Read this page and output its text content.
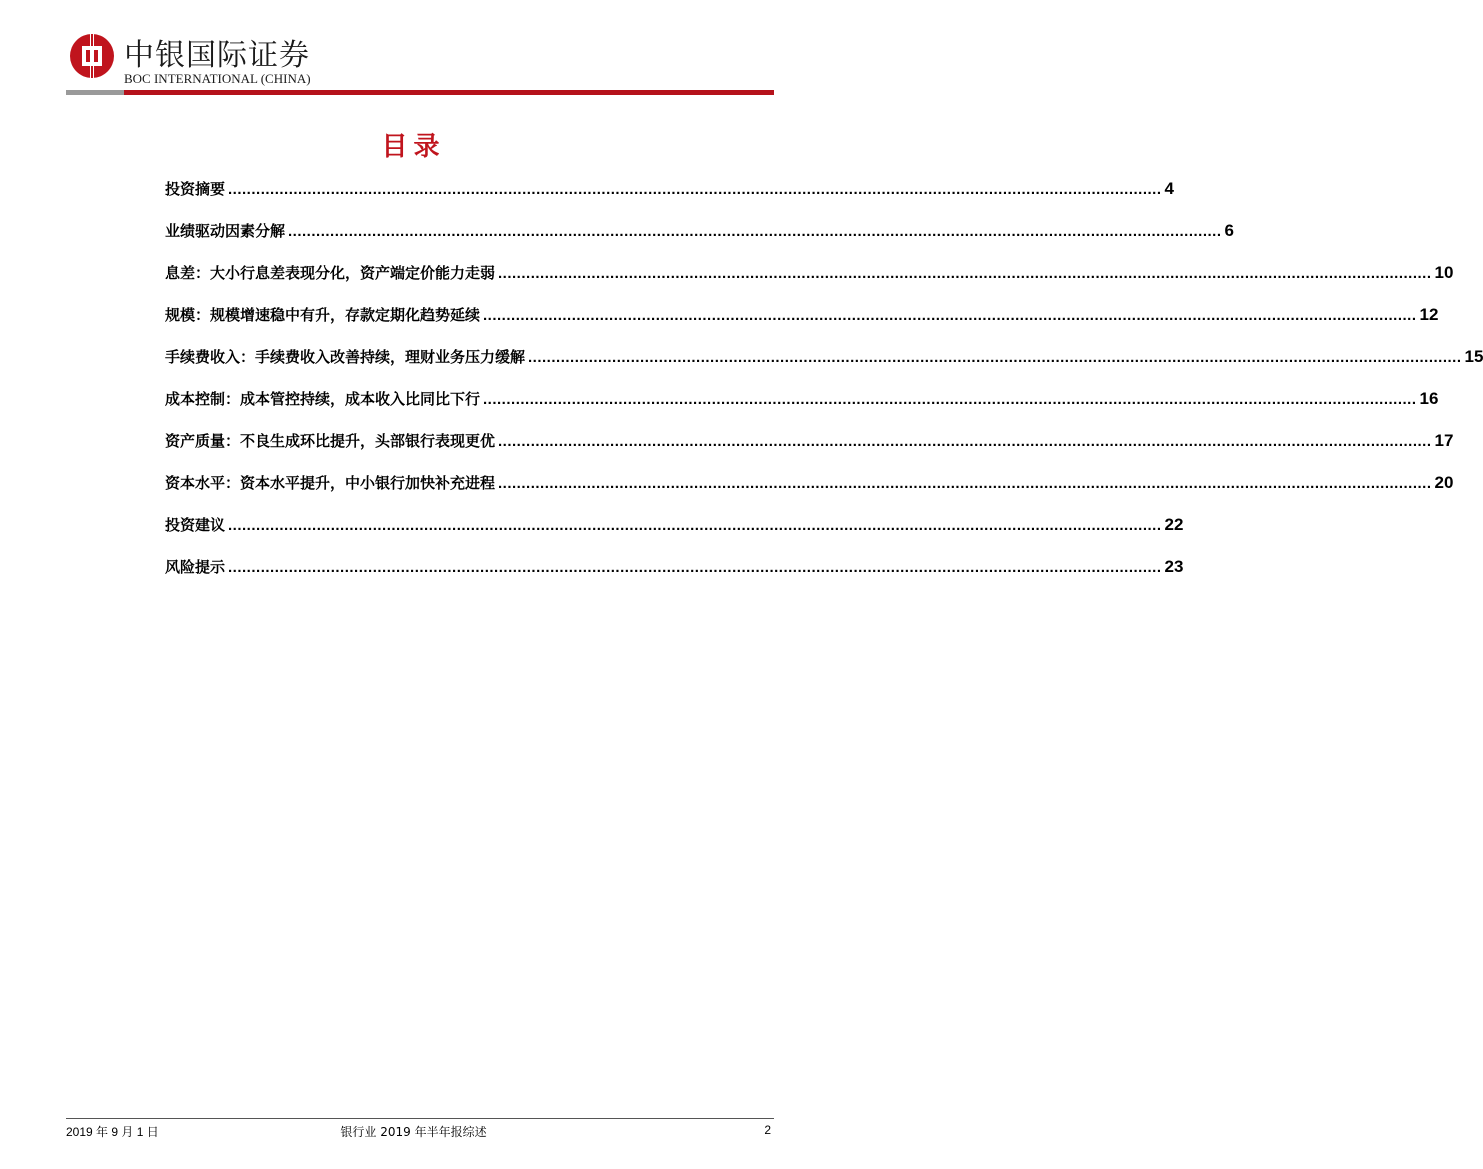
中银国际证券
BOC INTERNATIONAL (CHINA)
目录
投资摘要 ........................................................................................................................................................................................................ 4
业绩驱动因素分解 ........................................................................................................................................................................................................ 6
息差：大小行息差表现分化，资产端定价能力走弱 ........................................................................................................................................................................................................ 10
规模：规模增速稳中有升，存款定期化趋势延续 ........................................................................................................................................................................................................ 12
手续费收入：手续费收入改善持续，理财业务压力缓解 ........................................................................................................................................................................................................ 15
成本控制：成本管控持续，成本收入比同比下行 ........................................................................................................................................................................................................ 16
资产质量：不良生成环比提升，头部银行表现更优 ........................................................................................................................................................................................................ 17
资本水平：资本水平提升，中小银行加快补充进程 ........................................................................................................................................................................................................ 20
投资建议 ........................................................................................................................................................................................................ 22
风险提示 ........................................................................................................................................................................................................ 23
2019 年 9 月 1 日	银行业 2019 年半年报综述	2
